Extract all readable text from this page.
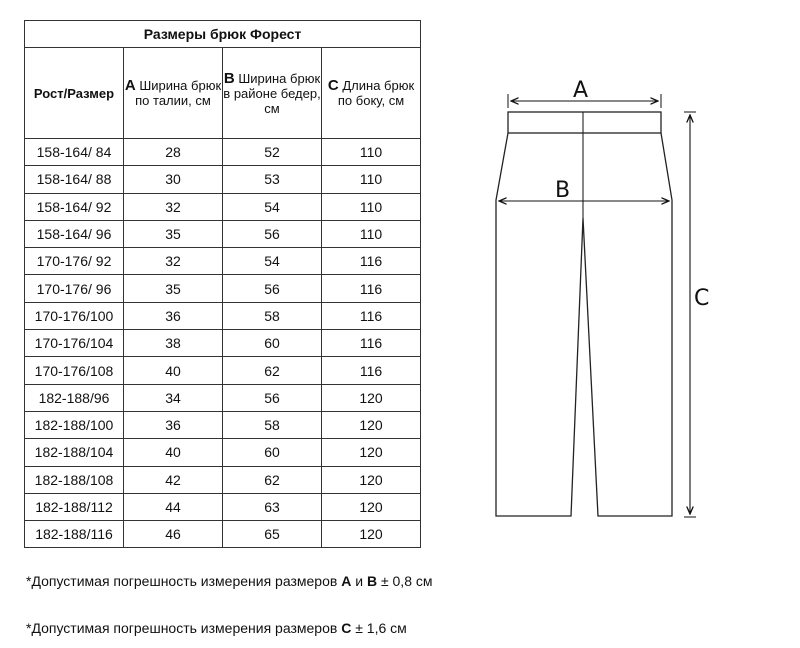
Размеры брюк Форест			
Рост/Размер	A Ширина брюк по талии, см	B Ширина брюк в районе бедер, см	C Длина брюк по боку, см
158-164/ 84	28	52	110
158-164/ 88	30	53	110
158-164/ 92	32	54	110
158-164/ 96	35	56	110
170-176/ 92	32	54	116
170-176/ 96	35	56	116
170-176/100	36	58	116
170-176/104	38	60	116
170-176/108	40	62	116
182-188/96	34	56	120
182-188/100	36	58	120
182-188/104	40	60	120
182-188/108	42	62	120
182-188/112	44	63	120
182-188/116	46	65	120
*Допустимая погрешность измерения размеров A и B ± 0,8 см
*Допустимая погрешность измерения размеров C ± 1,6 см
A
B
C
